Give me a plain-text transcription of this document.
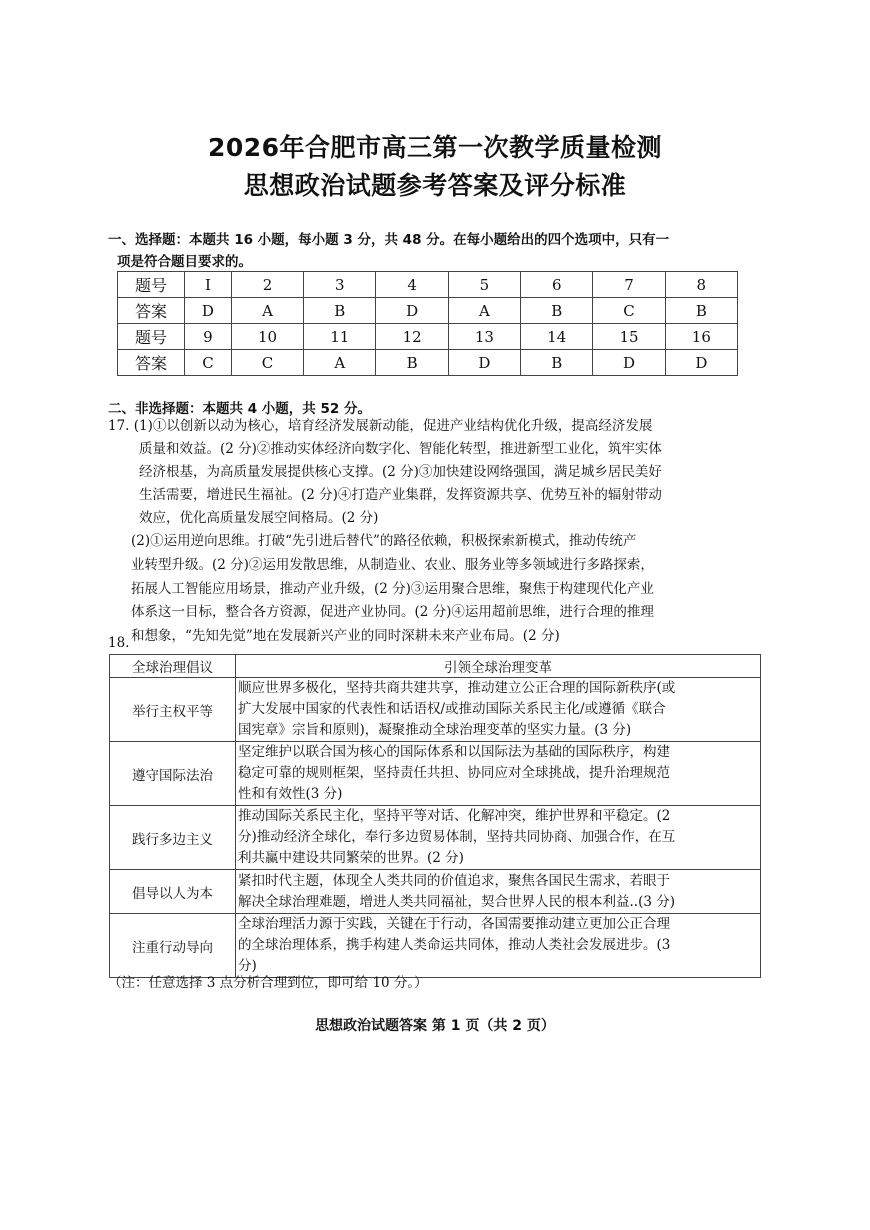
2026年合肥市高三第一次教学质量检测
思想政治试题参考答案及评分标准
一、选择题：本题共 16 小题，每小题 3 分，共 48 分。在每小题给出的四个选项中，只有一
项是符合题目要求的。
题号	I	2	3	4	5	6	7	8
答案	D	A	B	D	A	B	C	B
题号	9	10	11	12	13	14	15	16
答案	C	C	A	B	D	B	D	D
二、非选择题：本题共 4 小题，共 52 分。
17. (1)①以创新以动为核心，培育经济发展新动能，促进产业结构优化升级，提高经济发展
质量和效益。(2 分)②推动实体经济向数字化、智能化转型，推进新型工业化，筑牢实体
经济根基，为高质量发展提供核心支撑。(2 分)③加快建设网络强国，满足城乡居民美好
生活需要，增进民生福祉。(2 分)④打造产业集群，发挥资源共享、优势互补的辐射带动
效应，优化高质量发展空间格局。(2 分)
(2)①运用逆向思维。打破“先引进后替代”的路径依赖，积极探索新模式，推动传统产
业转型升级。(2 分)②运用发散思维，从制造业、农业、服务业等多领域进行多路探索，
拓展人工智能应用场景，推动产业升级，(2 分)③运用聚合思维，聚焦于构建现代化产业
体系这一目标，整合各方资源，促进产业协同。(2 分)④运用超前思维，进行合理的推理
和想象，“先知先觉”地在发展新兴产业的同时深耕未来产业布局。(2 分)
18.
全球治理倡议	引领全球治理变革
举行主权平等	顺应世界多极化，坚持共商共建共享，推动建立公正合理的国际新秩序(或
扩大发展中国家的代表性和话语权/或推动国际关系民主化/或遵循《联合
国宪章》宗旨和原则)，凝聚推动全球治理变革的坚实力量。(3 分)

遵守国际法治	坚定维护以联合国为核心的国际体系和以国际法为基础的国际秩序，构建
稳定可靠的规则框架，坚持责任共担、协同应对全球挑战，提升治理规范
性和有效性(3 分)

践行多边主义	推动国际关系民主化，坚持平等对话、化解冲突，维护世界和平稳定。(2
分)推动经济全球化，奉行多边贸易体制，坚持共同协商、加强合作，在互
利共赢中建设共同繁荣的世界。(2 分)

倡导以人为本	紧扣时代主题，体现全人类共同的价值追求，聚焦各国民生需求，若眼于
解决全球治理难题，增进人类共同福祉，契合世界人民的根本利益..(3 分)

注重行动导向	全球治理活力源于实践，关键在于行动，各国需要推动建立更加公正合理
的全球治理体系，携手构建人类命运共同体，推动人类社会发展进步。(3
分)
（注：任意选择 3 点分析合理到位，即可给 10 分。）
思想政治试题答案 第 1 页（共 2 页）
